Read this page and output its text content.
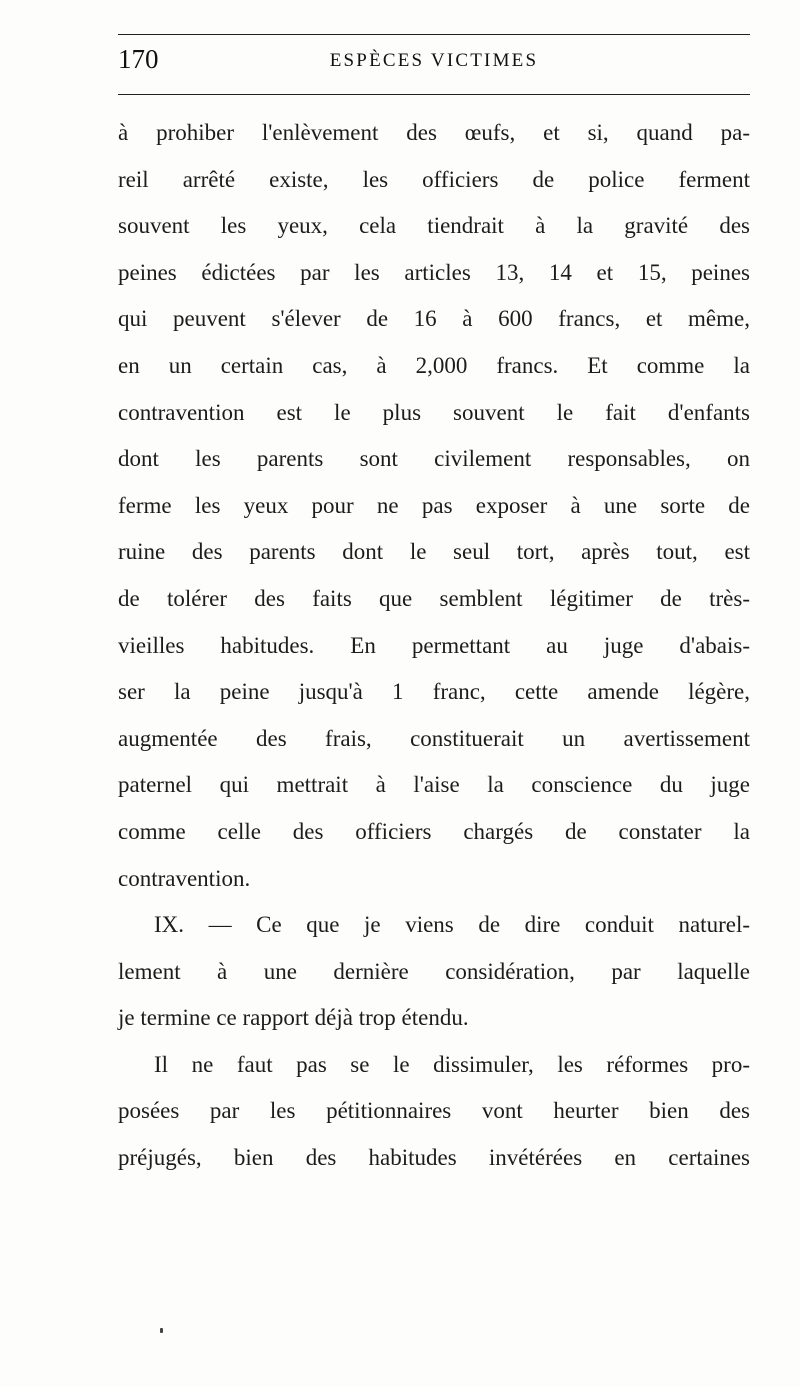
170	ESPÈCES VICTIMES
à prohiber l'enlèvement des œufs, et si, quand pa-
reil arrêté existe, les officiers de police ferment
souvent les yeux, cela tiendrait à la gravité des
peines édictées par les articles 13, 14 et 15, peines
qui peuvent s'élever de 16 à 600 francs, et même,
en un certain cas, à 2,000 francs. Et comme la
contravention est le plus souvent le fait d'enfants
dont les parents sont civilement responsables, on
ferme les yeux pour ne pas exposer à une sorte de
ruine des parents dont le seul tort, après tout, est
de tolérer des faits que semblent légitimer de très-
vieilles habitudes. En permettant au juge d'abais-
ser la peine jusqu'à 1 franc, cette amende légère,
augmentée des frais, constituerait un avertissement
paternel qui mettrait à l'aise la conscience du juge
comme celle des officiers chargés de constater la
contravention.
IX. — Ce que je viens de dire conduit naturel-
lement à une dernière considération, par laquelle
je termine ce rapport déjà trop étendu.
Il ne faut pas se le dissimuler, les réformes pro-
posées par les pétitionnaires vont heurter bien des
préjugés, bien des habitudes invétérées en certaines
